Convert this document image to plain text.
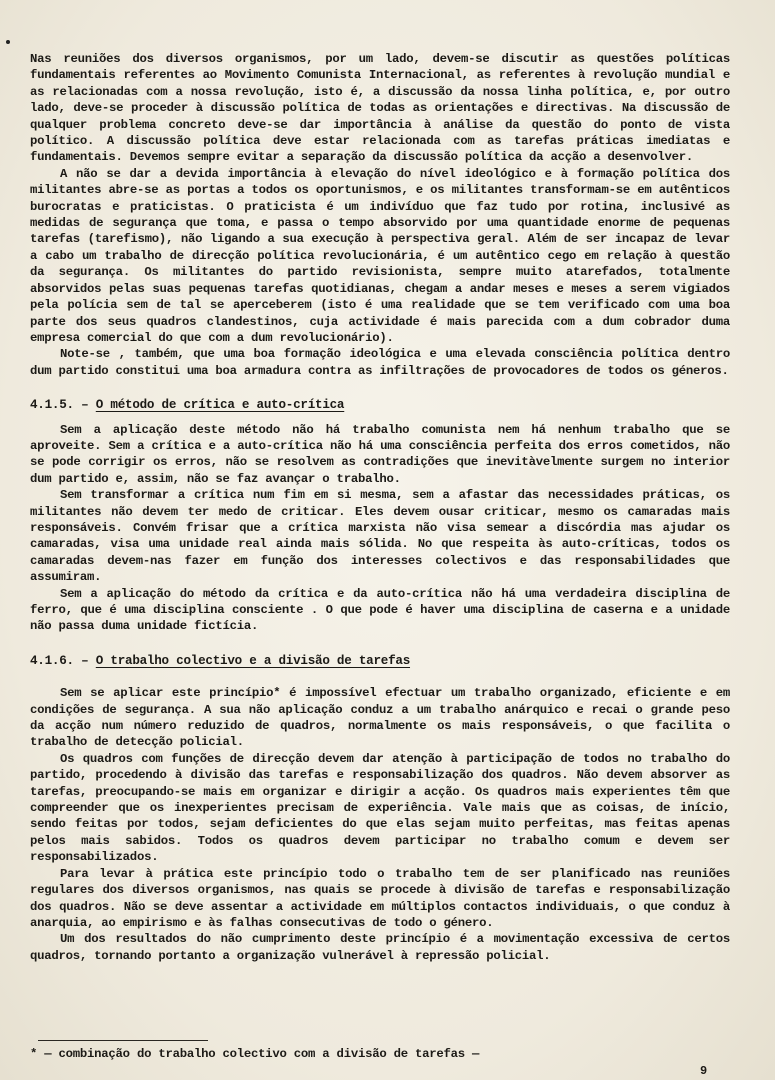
Nas reuniões dos diversos organismos, por um lado, devem-se discutir as questões políticas fundamentais referentes ao Movimento Comunista Internacional, as referentes à revolução mundial e as relacionadas com a nossa revolução, isto é, a discussão da nossa linha política, e, por outro lado, deve-se proceder à discussão política de todas as orientações e directivas. Na discussão de qualquer problema concreto deve-se dar importância à análise da questão do ponto de vista político. A discussão política deve estar relacionada com as tarefas práticas imediatas e fundamentais. Devemos sempre evitar a separação da discussão política da acção a desenvolver.

A não se dar a devida importância à elevação do nível ideológico e à formação política dos militantes abre-se as portas a todos os oportunismos, e os militantes transformam-se em autênticos burocratas e praticistas. O praticista é um indivíduo que faz tudo por rotina, inclusivé as medidas de segurança que toma, e passa o tempo absorvido por uma quantidade enorme de pequenas tarefas (tarefismo), não ligando a sua execução à perspectiva geral. Além de ser incapaz de levar a cabo um trabalho de direcção política revolucionária, é um autêntico cego em relação à questão da segurança. Os militantes do partido revisionista, sempre muito atarefados, totalmente absorvidos pelas suas pequenas tarefas quotidianas, chegam a andar meses e meses a serem vigiados pela polícia sem de tal se aperceberem (isto é uma realidade que se tem verificado com uma boa parte dos seus quadros clandestinos, cuja actividade é mais parecida com a dum cobrador duma empresa comercial do que com a dum revolucionário).

Note-se , também, que uma boa formação ideológica e uma elevada consciência política dentro dum partido constitui uma boa armadura contra as infiltrações de provocadores de todos os géneros.

4.1.5. – O método de crítica e auto-crítica

Sem a aplicação deste método não há trabalho comunista nem há nenhum trabalho que se aproveite. Sem a crítica e a auto-crítica não há uma consciência perfeita dos erros cometidos, não se pode corrigir os erros, não se resolvem as contradições que inevitàvelmente surgem no interior dum partido e, assim, não se faz avançar o trabalho.

Sem transformar a crítica num fim em si mesma, sem a afastar das necessidades práticas, os militantes não devem ter medo de criticar. Eles devem ousar criticar, mesmo os camaradas mais responsáveis. Convém frisar que a crítica marxista não visa semear a discórdia mas ajudar os camaradas, visa uma unidade real ainda mais sólida. No que respeita às auto-críticas, todos os camaradas devem-nas fazer em função dos interesses colectivos e das responsabilidades que assumiram.

Sem a aplicação do método da crítica e da auto-crítica não há uma verdadeira disciplina de ferro, que é uma disciplina consciente . O que pode é haver uma disciplina de caserna e a unidade não passa duma unidade fictícia.

4.1.6. – O trabalho colectivo e a divisão de tarefas

Sem se aplicar este princípio* é impossível efectuar um trabalho organizado, eficiente e em condições de segurança. A sua não aplicação conduz a um trabalho anárquico e recai o grande peso da acção num número reduzido de quadros, normalmente os mais responsáveis, o que facilita o trabalho de detecção policial.

Os quadros com funções de direcção devem dar atenção à participação de todos no trabalho do partido, procedendo à divisão das tarefas e responsabilização dos quadros. Não devem absorver as tarefas, preocupando-se mais em organizar e dirigir a acção. Os quadros mais experientes têm que compreender que os inexperientes precisam de experiência. Vale mais que as coisas, de início, sendo feitas por todos, sejam deficientes do que elas sejam muito perfeitas, mas feitas apenas pelos mais sabidos. Todos os quadros devem participar no trabalho comum e devem ser responsabilizados.

Para levar à prática este princípio todo o trabalho tem de ser planificado nas reuniões regulares dos diversos organismos, nas quais se procede à divisão de tarefas e responsabilização dos quadros. Não se deve assentar a actividade em múltiplos contactos individuais, o que conduz à anarquia, ao empirismo e às falhas consecutivas de todo o género.

Um dos resultados do não cumprimento deste princípio é a movimentação excessiva de certos quadros, tornando portanto a organização vulnerável à repressão policial.

* — combinação do trabalho colectivo com a divisão de tarefas —
9
